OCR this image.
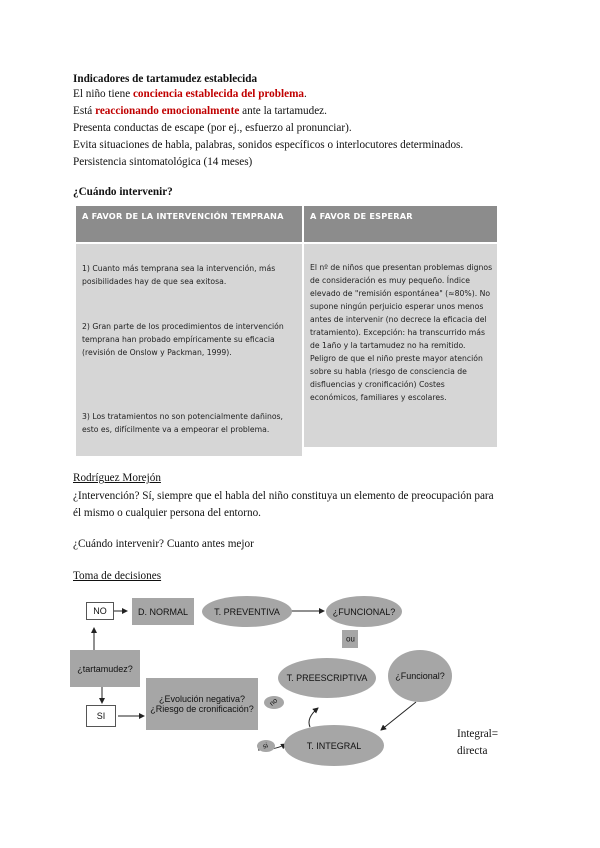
Indicadores de tartamudez establecida
El niño tiene conciencia establecida del problema.
Está reaccionando emocionalmente ante la tartamudez.
Presenta conductas de escape (por ej., esfuerzo al pronunciar).
Evita situaciones de habla, palabras, sonidos específicos o interlocutores determinados.
Persistencia sintomatológica (14 meses)
¿Cuándo intervenir?
A FAVOR DE LA INTERVENCIÓN TEMPRANA	A FAVOR DE ESPERAR
1) Cuanto más temprana sea la intervención, más posibilidades hay de que sea exitosa.
2) Gran parte de los procedimientos de intervención temprana han probado empíricamente su eficacia (revisión de Onslow y Packman, 1999).
3) Los tratamientos no son potencialmente dañinos, esto es, difícilmente va a empeorar el problema.
El nº de niños que presentan problemas dignos de consideración es muy pequeño. Índice elevado de "remisión espontánea" (≈80%). No supone ningún perjuicio esperar unos menos antes de intervenir (no decrece la eficacia del tratamiento). Excepción: ha transcurrido más de 1año y la tartamudez no ha remitido. Peligro de que el niño preste mayor atención sobre su habla (riesgo de consciencia de disfluencias y cronificación) Costes económicos, familiares y escolares.
Rodríguez Morejón
¿Intervención? Sí, siempre que el habla del niño constituya un elemento de preocupación para
él mismo o cualquier persona del entorno.
¿Cuándo intervenir? Cuanto antes mejor
Toma de decisiones
NO	D. NORMAL	T. PREVENTIVA	¿FUNCIONAL?
no
¿tartamudez?
SI
¿Evolución negativa?
¿Riesgo de cronificación?
no
si
T. PREESCRIPTIVA	¿Funcional?
T. INTEGRAL
Integral=
directa
